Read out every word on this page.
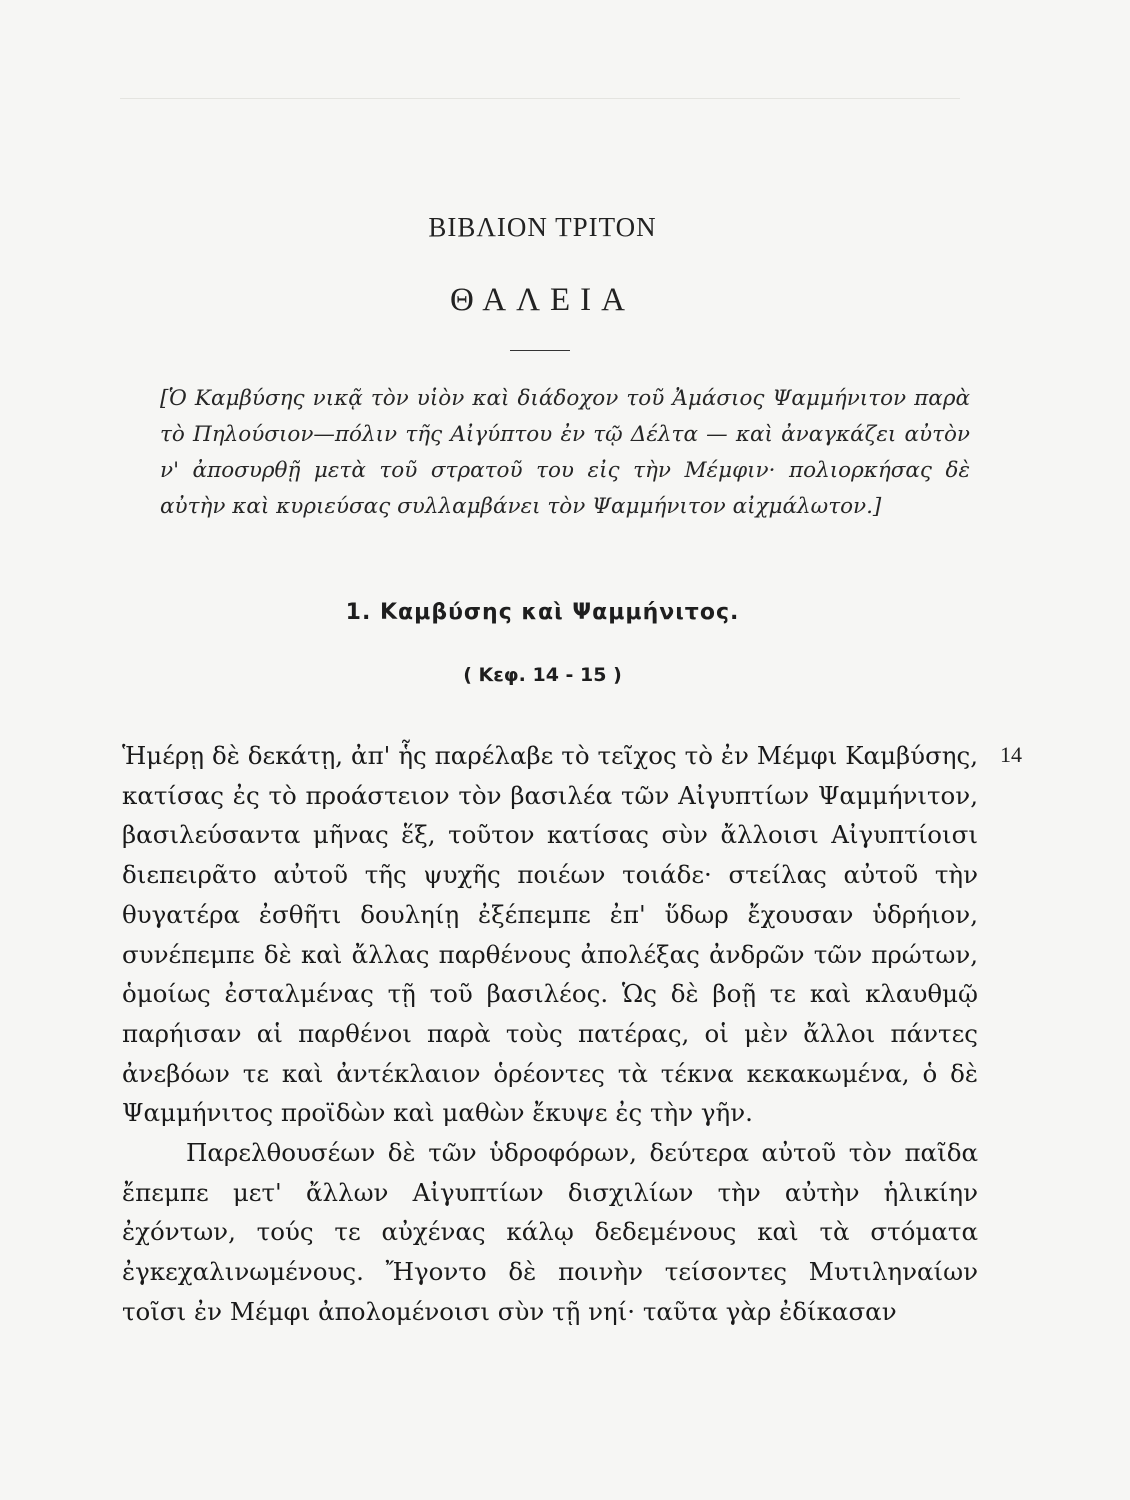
ΒΙΒΛΙΟΝ ΤΡΙΤΟΝ
ΘΑΛΕΙΑ
[Ὁ Καμβύσης νικᾷ τὸν υἱὸν καὶ διάδοχον τοῦ Ἀμάσιος Ψαμμήνιτον παρὰ τὸ Πηλούσιον—πόλιν τῆς Αἰγύπτου ἐν τῷ Δέλτα — καὶ ἀναγκάζει αὐτὸν ν' ἀποσυρθῇ μετὰ τοῦ στρατοῦ του εἰς τὴν Μέμφιν· πολιορκήσας δὲ αὐτὴν καὶ κυριεύσας συλλαμβάνει τὸν Ψαμμήνιτον αἰχμάλωτον.]
1. Καμβύσης καὶ Ψαμμήνιτος.
( Κεφ. 14 - 15 )
14

Ἡμέρῃ δὲ δεκάτῃ, ἀπ' ἧς παρέλαβε τὸ τεῖχος τὸ ἐν Μέμφι Καμβύσης, κατίσας ἐς τὸ προάστειον τὸν βασιλέα τῶν Αἰγυπτίων Ψαμμήνιτον, βασιλεύσαντα μῆνας ἕξ, τοῦτον κατίσας σὺν ἄλλοισι Αἰγυπτίοισι διεπειρᾶτο αὐτοῦ τῆς ψυχῆς ποιέων τοιάδε· στείλας αὐτοῦ τὴν θυγατέρα ἐσθῆτι δουληίῃ ἐξέπεμπε ἐπ' ὕδωρ ἔχουσαν ὑδρήιον, συνέπεμπε δὲ καὶ ἄλλας παρθένους ἀπολέξας ἀνδρῶν τῶν πρώτων, ὁμοίως ἐσταλμένας τῇ τοῦ βασιλέος. Ὡς δὲ βοῇ τε καὶ κλαυθμῷ παρήισαν αἱ παρθένοι παρὰ τοὺς πατέρας, οἱ μὲν ἄλλοι πάντες ἀνεβόων τε καὶ ἀντέκλαιον ὁρέοντες τὰ τέκνα κεκακωμένα, ὁ δὲ Ψαμμήνιτος προϊδὼν καὶ μαθὼν ἔκυψε ἐς τὴν γῆν.

Παρελθουσέων δὲ τῶν ὑδροφόρων, δεύτερα αὐτοῦ τὸν παῖδα ἔπεμπε μετ' ἄλλων Αἰγυπτίων δισχιλίων τὴν αὐτὴν ἡλικίην ἐχόντων, τούς τε αὐχένας κάλῳ δεδεμένους καὶ τὰ στόματα ἐγκεχαλινωμένους. Ἤγοντο δὲ ποινὴν τείσοντες Μυτιληναίων τοῖσι ἐν Μέμφι ἀπολομένοισι σὺν τῇ νηί· ταῦτα γὰρ ἐδίκασαν
